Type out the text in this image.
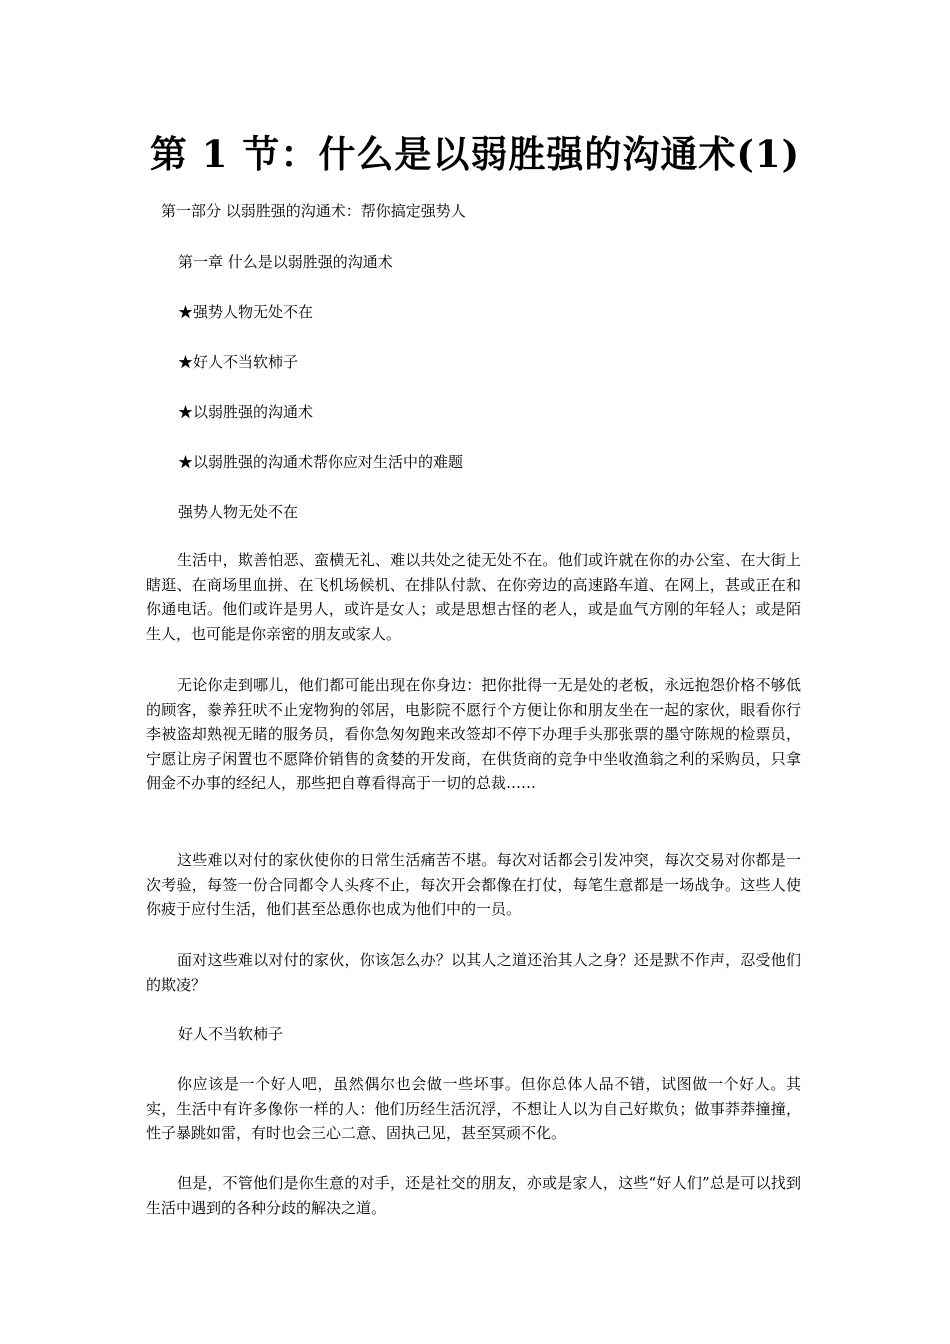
第 1 节：什么是以弱胜强的沟通术(1)

第一部分 以弱胜强的沟通术：帮你搞定强势人

第一章 什么是以弱胜强的沟通术

★强势人物无处不在

★好人不当软柿子

★以弱胜强的沟通术

★以弱胜强的沟通术帮你应对生活中的难题

强势人物无处不在

生活中，欺善怕恶、蛮横无礼、难以共处之徒无处不在。他们或许就在你的办公室、在大街上瞎逛、在商场里血拼、在飞机场候机、在排队付款、在你旁边的高速路车道、在网上，甚或正在和你通电话。他们或许是男人，或许是女人；或是思想古怪的老人，或是血气方刚的年轻人；或是陌生人，也可能是你亲密的朋友或家人。

无论你走到哪儿，他们都可能出现在你身边：把你批得一无是处的老板，永远抱怨价格不够低的顾客，豢养狂吠不止宠物狗的邻居，电影院不愿行个方便让你和朋友坐在一起的家伙，眼看你行李被盗却熟视无睹的服务员，看你急匆匆跑来改签却不停下办理手头那张票的墨守陈规的检票员，宁愿让房子闲置也不愿降价销售的贪婪的开发商，在供货商的竞争中坐收渔翁之利的采购员，只拿佣金不办事的经纪人，那些把自尊看得高于一切的总裁……

这些难以对付的家伙使你的日常生活痛苦不堪。每次对话都会引发冲突，每次交易对你都是一次考验，每签一份合同都令人头疼不止，每次开会都像在打仗，每笔生意都是一场战争。这些人使你疲于应付生活，他们甚至怂恿你也成为他们中的一员。

面对这些难以对付的家伙，你该怎么办？以其人之道还治其人之身？还是默不作声，忍受他们的欺凌？

好人不当软柿子

你应该是一个好人吧，虽然偶尔也会做一些坏事。但你总体人品不错，试图做一个好人。其实，生活中有许多像你一样的人：他们历经生活沉浮，不想让人以为自己好欺负；做事莽莽撞撞，性子暴跳如雷，有时也会三心二意、固执己见，甚至冥顽不化。

但是，不管他们是你生意的对手，还是社交的朋友，亦或是家人，这些“好人们”总是可以找到生活中遇到的各种分歧的解决之道。
